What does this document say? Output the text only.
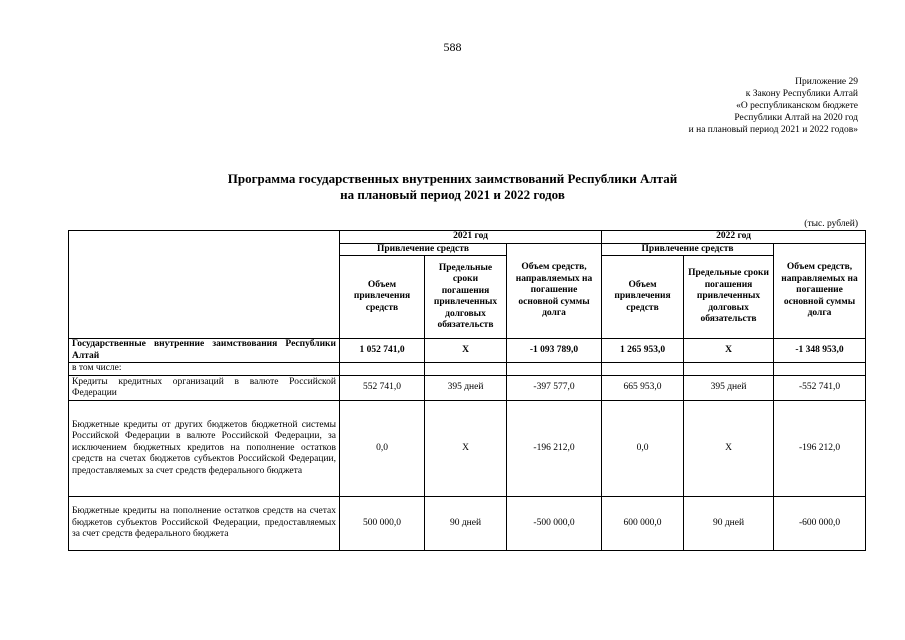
588
Приложение 29
к Закону Республики Алтай
«О республиканском бюджете
Республики Алтай на 2020 год
и на плановый период 2021 и 2022 годов»
Программа государственных внутренних заимствований Республики Алтай
на плановый период 2021 и 2022 годов
(тыс. рублей)
	2021 год			2022 год		
	Привлечение средств		Объем средств, направляемых на погашение основной суммы долга	Привлечение средств		Объем средств, направляемых на погашение основной суммы долга
	Объем привлечения средств	Предельные сроки погашения привлеченных долговых обязательств		Объем привлечения средств	Предельные сроки погашения привлеченных долговых обязательств	
Государственные внутренние заимствования Республики Алтай	1 052 741,0	X	-1 093 789,0	1 265 953,0	X	-1 348 953,0
в том числе:						
Кредиты кредитных организаций в валюте Российской Федерации	552 741,0	395 дней	-397 577,0	665 953,0	395 дней	-552 741,0
Бюджетные кредиты от других бюджетов бюджетной системы Российской Федерации в валюте Российской Федерации, за исключением бюджетных кредитов на пополнение остатков средств на счетах бюджетов субъектов Российской Федерации, предоставляемых за счет средств федерального бюджета	0,0	X	-196 212,0	0,0	X	-196 212,0
Бюджетные кредиты на пополнение остатков средств на счетах бюджетов субъектов Российской Федерации, предоставляемых за счет средств федерального бюджета	500 000,0	90 дней	-500 000,0	600 000,0	90 дней	-600 000,0
